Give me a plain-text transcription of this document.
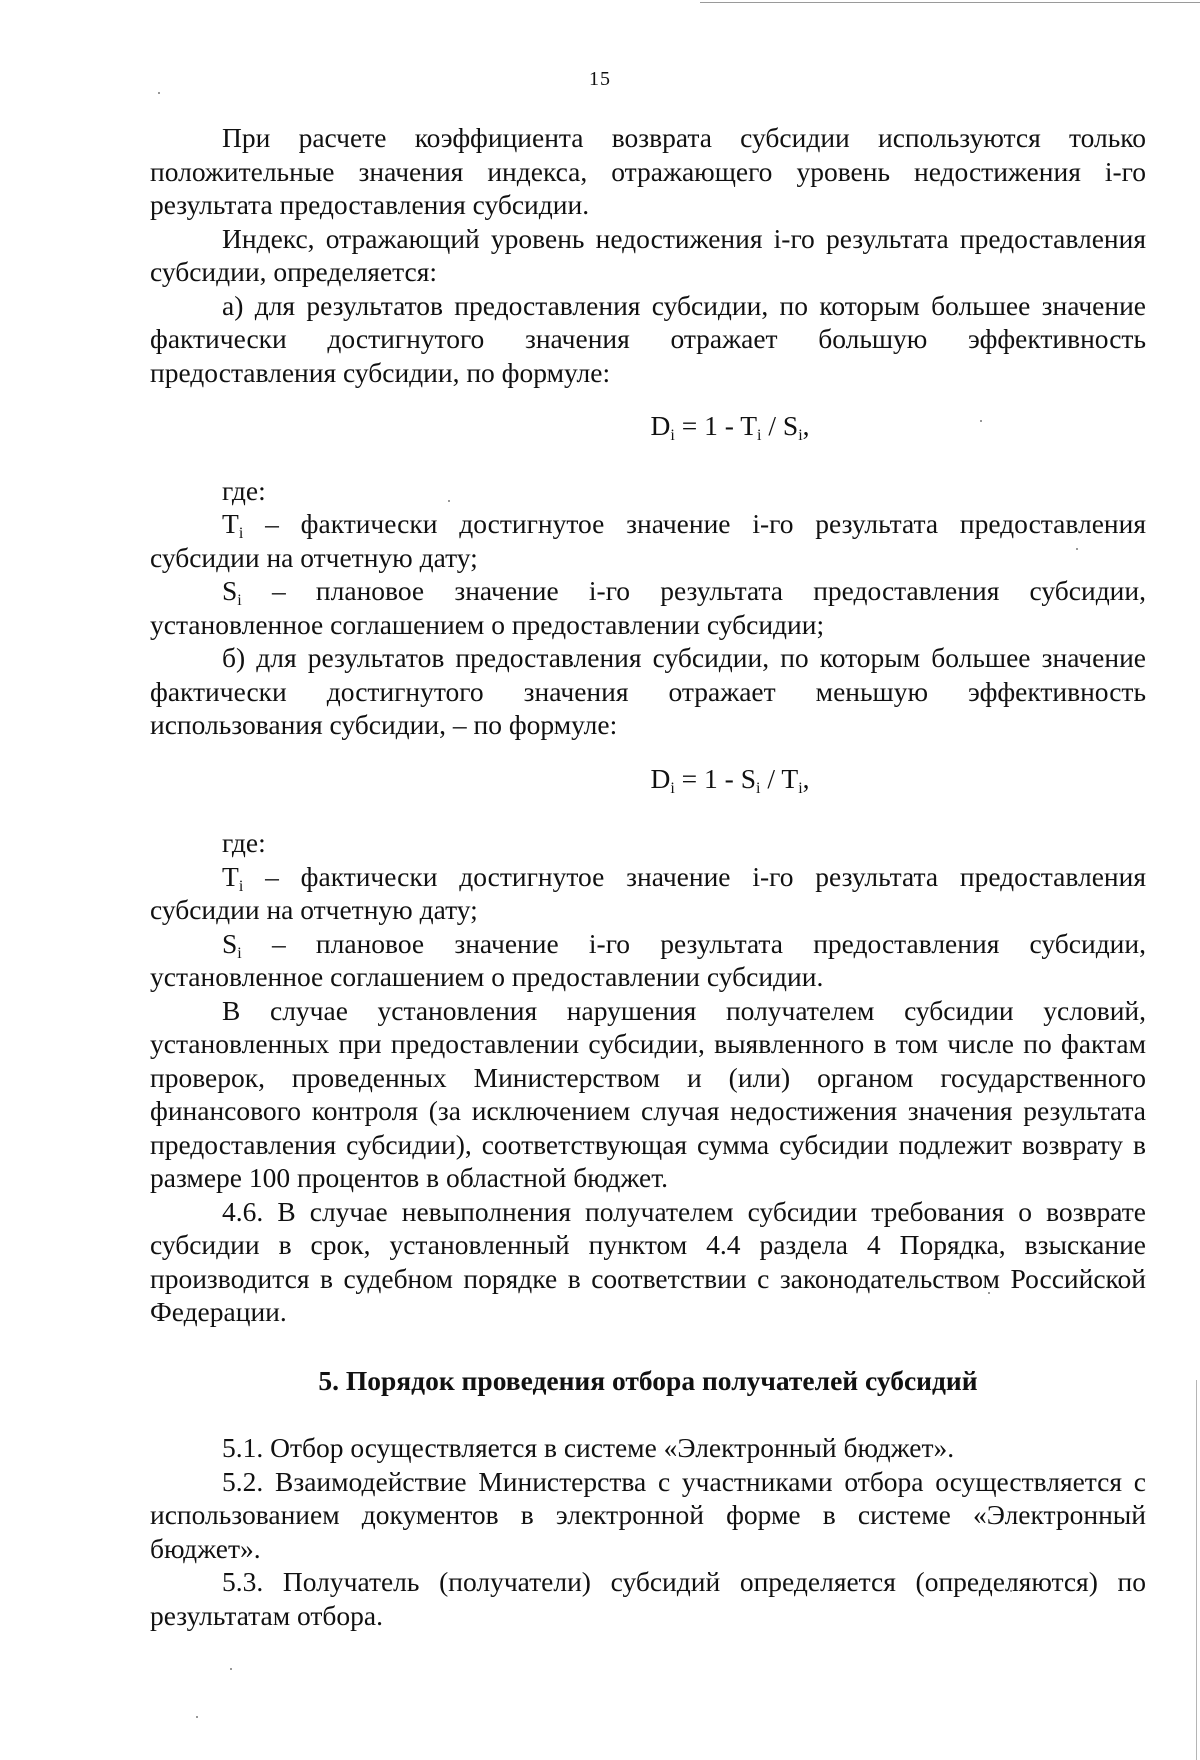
15

При расчете коэффициента возврата субсидии используются только положительные значения индекса, отражающего уровень недостижения i-го результата предоставления субсидии.

Индекс, отражающий уровень недостижения i-го результата предоставления субсидии, определяется:

а) для результатов предоставления субсидии, по которым большее значение фактически достигнутого значения отражает большую эффективность предоставления субсидии, по формуле:

$D_i = 1 - T_i / S_i$,

где:

$T_i$ – фактически достигнутое значение i-го результата предоставления субсидии на отчетную дату;

$S_i$ – плановое значение i-го результата предоставления субсидии, установленное соглашением о предоставлении субсидии;

б) для результатов предоставления субсидии, по которым большее значение фактически достигнутого значения отражает меньшую эффективность использования субсидии, – по формуле:

$D_i = 1 - S_i / T_i$,

где:

$T_i$ – фактически достигнутое значение i-го результата предоставления субсидии на отчетную дату;

$S_i$ – плановое значение i-го результата предоставления субсидии, установленное соглашением о предоставлении субсидии.

В случае установления нарушения получателем субсидии условий, установленных при предоставлении субсидии, выявленного в том числе по фактам проверок, проведенных Министерством и (или) органом государственного финансового контроля (за исключением случая недостижения значения результата предоставления субсидии), соответствующая сумма субсидии подлежит возврату в размере 100 процентов в областной бюджет.

4.6. В случае невыполнения получателем субсидии требования о возврате субсидии в срок, установленный пунктом 4.4 раздела 4 Порядка, взыскание производится в судебном порядке в соответствии с законодательством Российской Федерации.

5. Порядок проведения отбора получателей субсидий

5.1. Отбор осуществляется в системе «Электронный бюджет».

5.2. Взаимодействие Министерства с участниками отбора осуществляется с использованием документов в электронной форме в системе «Электронный бюджет».

5.3. Получатель (получатели) субсидий определяется (определяются) по результатам отбора.
